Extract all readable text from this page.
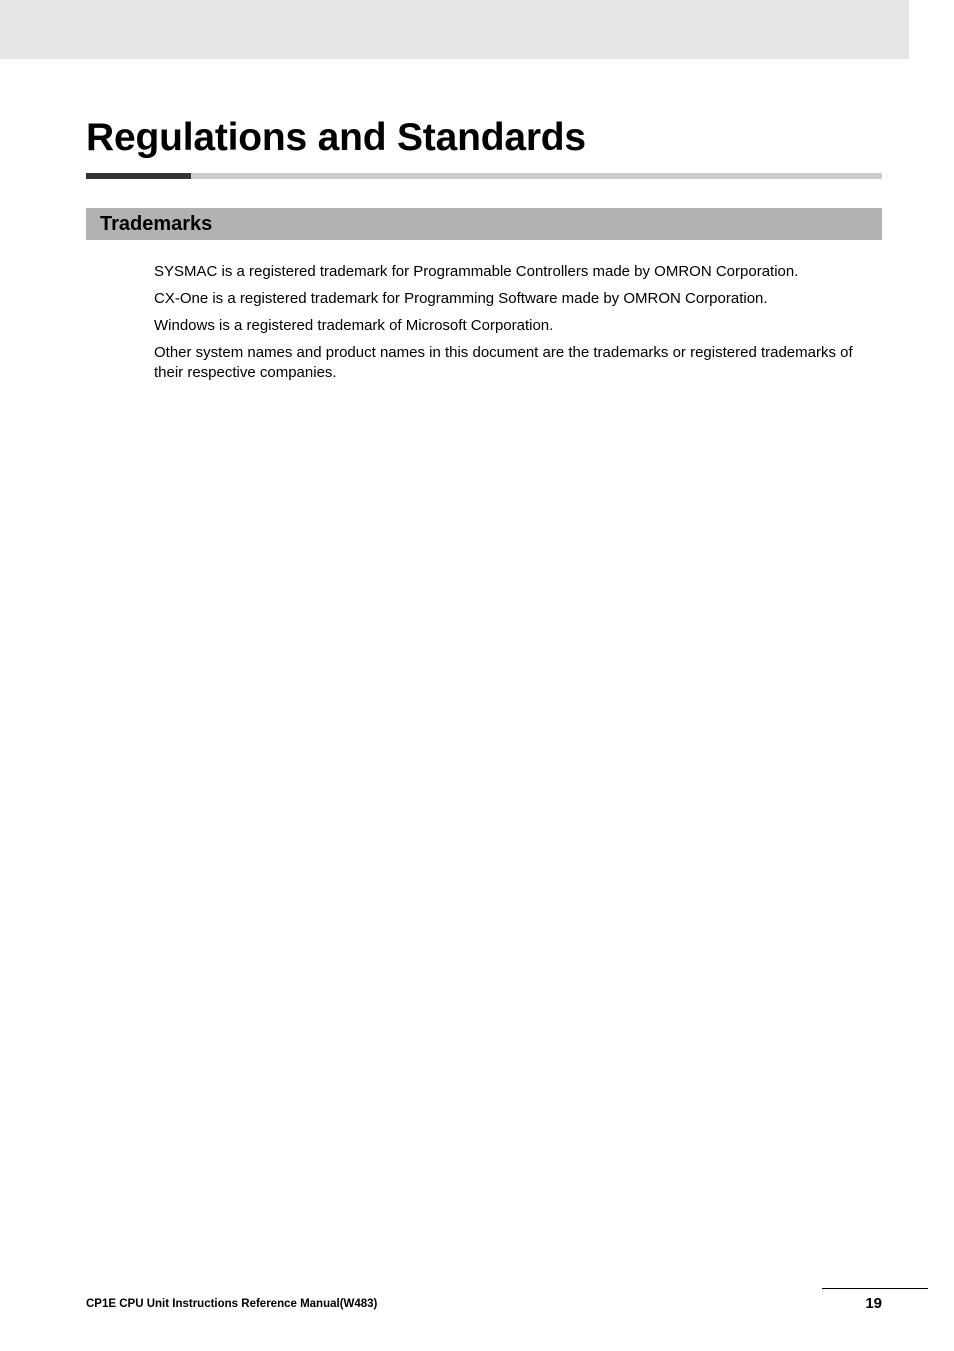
Regulations and Standards
Trademarks

SYSMAC is a registered trademark for Programmable Controllers made by OMRON Corporation.

CX-One is a registered trademark for Programming Software made by OMRON Corporation.

Windows is a registered trademark of Microsoft Corporation.

Other system names and product names in this document are the trademarks or registered trademarks of their respective companies.

CP1E CPU Unit Instructions Reference Manual(W483)	19
